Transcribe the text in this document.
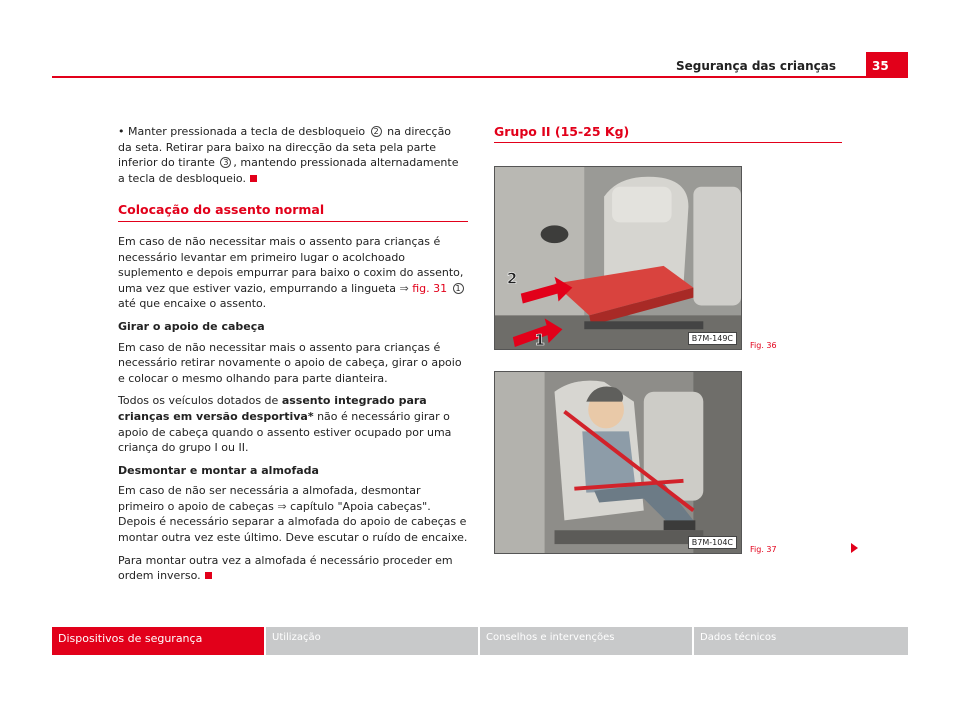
Segurança das crianças	35

• Manter pressionada a tecla de desbloqueio 2 na direcção da seta. Retirar para baixo na direcção da seta pela parte inferior do tirante 3 , mantendo pressionada alternadamente a tecla de desbloqueio.

Colocação do assento normal

Em caso de não necessitar mais o assento para crianças é necessário levantar em primeiro lugar o acolchoado suplemento e depois empurrar para baixo o coxim do assento, uma vez que estiver vazio, empurrando a lingueta ⇒ fig. 31 1 até que encaixe o assento.

Girar o apoio de cabeça

Em caso de não necessitar mais o assento para crianças é necessário retirar novamente o apoio de cabeça, girar o apoio e colocar o mesmo olhando para parte dianteira.

Todos os veículos dotados de assento integrado para crianças em versão desportiva* não é necessário girar o apoio de cabeça quando o assento estiver ocupado por uma criança do grupo I ou II.

Desmontar e montar a almofada

Em caso de não ser necessária a almofada, desmontar primeiro o apoio de cabeças ⇒ capítulo "Apoia cabeças". Depois é necessário separar a almofada do apoio de cabeças e montar outra vez este último. Deve escutar o ruído de encaixe.

Para montar outra vez a almofada é necessário proceder em ordem inverso.

Grupo II (15-25 Kg)
2
1	B7M-149C
Fig. 36
B7M-104C
Fig. 37
Dispositivos de segurança	Utilização	Conselhos e intervenções	Dados técnicos
